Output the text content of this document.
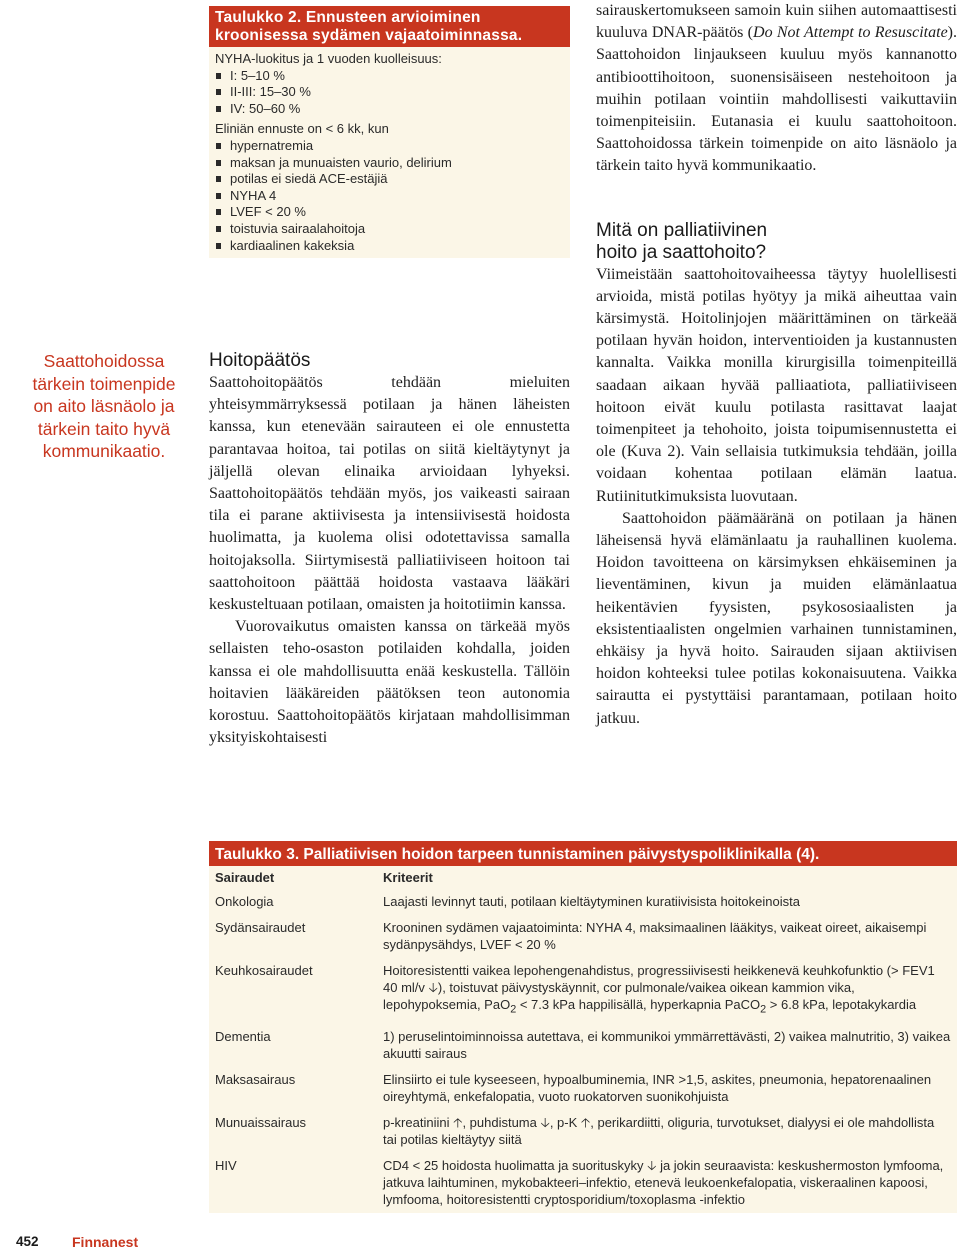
Taulukko 2. Ennusteen arvioiminen kroonisessa sydämen vajaatoiminnassa.
NYHA-luokitus ja 1 vuoden kuolleisuus:
I: 5–10 %
II-III: 15–30 %
IV: 50–60 %
Eliniän ennuste on < 6 kk, kun
hypernatremia
maksan ja munuaisten vaurio, delirium
potilas ei siedä ACE-estäjiä
NYHA 4
LVEF < 20 %
toistuvia sairaalahoitoja
kardiaalinen kakeksia
Saattohoidossa tärkein toimenpide on aito läsnäolo ja tärkein taito hyvä kommunikaatio.
Hoitopäätös

Saattohoitopäätös tehdään mieluiten yhteisymmärryksessä potilaan ja hänen läheisten kanssa, kun etenevään sairauteen ei ole ennustetta parantavaa hoitoa, tai potilas on siitä kieltäytynyt ja jäljellä olevan elinaika arvioidaan lyhyeksi. Saattohoitopäätös tehdään myös, jos vaikeasti sairaan tila ei parane aktiivisesta ja intensiivisestä hoidosta huolimatta, ja kuolema olisi odotettavissa samalla hoitojaksolla. Siirtymisestä palliatiiviseen hoitoon tai saattohoitoon päättää hoidosta vastaava lääkäri keskusteltuaan potilaan, omaisten ja hoitotiimin kanssa.

Vuorovaikutus omaisten kanssa on tärkeää myös sellaisten teho-osaston potilaiden kohdalla, joiden kanssa ei ole mahdollisuutta enää keskustella. Tällöin hoitavien lääkäreiden päätöksen teon autonomia korostuu. Saattohoitopäätös kirjataan mahdollisimman yksityiskohtaisesti

sairauskertomukseen samoin kuin siihen automaattisesti kuuluva DNAR-päätös (Do Not Attempt to Resuscitate). Saattohoidon linjaukseen kuuluu myös kannanotto antibioottihoitoon, suonensisäiseen nestehoitoon ja muihin potilaan vointiin mahdollisesti vaikuttaviin toimenpiteisiin. Eutanasia ei kuulu saattohoitoon. Saattohoidossa tärkein toimenpide on aito läsnäolo ja tärkein taito hyvä kommunikaatio.

Mitä on palliatiivinen
hoito ja saattohoito?

Viimeistään saattohoitovaiheessa täytyy huolellisesti arvioida, mistä potilas hyötyy ja mikä aiheuttaa vain kärsimystä. Hoitolinjojen määrittäminen on tärkeää potilaan hyvän hoidon, interventioiden ja kustannusten kannalta. Vaikka monilla kirurgisilla toimenpiteillä saadaan aikaan hyvää palliaatiota, palliatiiviseen hoitoon eivät kuulu potilasta rasittavat laajat toimenpiteet ja tehohoito, joista toipumisennustetta ei ole (Kuva 2). Vain sellaisia tutkimuksia tehdään, joilla voidaan kohentaa potilaan elämän laatua. Rutiinitutkimuksista luovutaan.

Saattohoidon päämääränä on potilaan ja hänen läheisensä hyvä elämänlaatu ja rauhallinen kuolema. Hoidon tavoitteena on kärsimyksen ehkäiseminen ja lieventäminen, kivun ja muiden elämänlaatua heikentävien fyysisten, psykososiaalisten ja eksistentiaalisten ongelmien varhainen tunnistaminen, ehkäisy ja hyvä hoito. Sairauden sijaan aktiivisen hoidon kohteeksi tulee potilas kokonaisuutena. Vaikka sairautta ei pystyttäisi parantamaan, potilaan hoito jatkuu.

Taulukko 3. Palliatiivisen hoidon tarpeen tunnistaminen päivystyspoliklinikalla (4).
Sairaudet	Kriteerit
Onkologia	Laajasti levinnyt tauti, potilaan kieltäytyminen kuratiivisista hoitokeinoista
Sydänsairaudet	Krooninen sydämen vajaatoiminta: NYHA 4, maksimaalinen lääkitys, vaikeat oireet, aikaisempi sydänpysähdys, LVEF < 20 %
Keuhkosairaudet	Hoitoresistentti vaikea lepohengenahdistus, progressiivisesti heikkenevä keuhkofunktio (> FEV1 40 ml/v 🡣), toistuvat päivystyskäynnit, cor pulmonale/vaikea oikean kammion vika, lepohypoksemia, PaO$_2$ < 7.3 kPa happilisällä, hyperkapnia PaCO$_2$ > 6.8 kPa, lepotakykardia
Dementia	1) peruselintoiminnoissa autettava, ei kommunikoi ymmärrettävästi, 2) vaikea malnutritio, 3) vaikea akuutti sairaus
Maksasairaus	Elinsiirto ei tule kyseeseen, hypoalbuminemia, INR >1,5, askites, pneumonia, hepatorenaalinen oireyhtymä, enkefalopatia, vuoto ruokatorven suonikohjuista
Munuaissairaus	p-kreatiniini 🡡, puhdistuma 🡣, p-K 🡡, perikardiitti, oliguria, turvotukset, dialyysi ei ole mahdollista tai potilas kieltäytyy siitä
HIV	CD4 < 25 hoidosta huolimatta ja suorituskyky 🡣 ja jokin seuraavista: keskushermoston lymfooma, jatkuva laihtuminen, mykobakteeri–infektio, etenevä leukoenkefalopatia, viskeraalinen kapoosi, lymfooma, hoitoresistentti cryptosporidium/toxoplasma -infektio
452 Finnanest
